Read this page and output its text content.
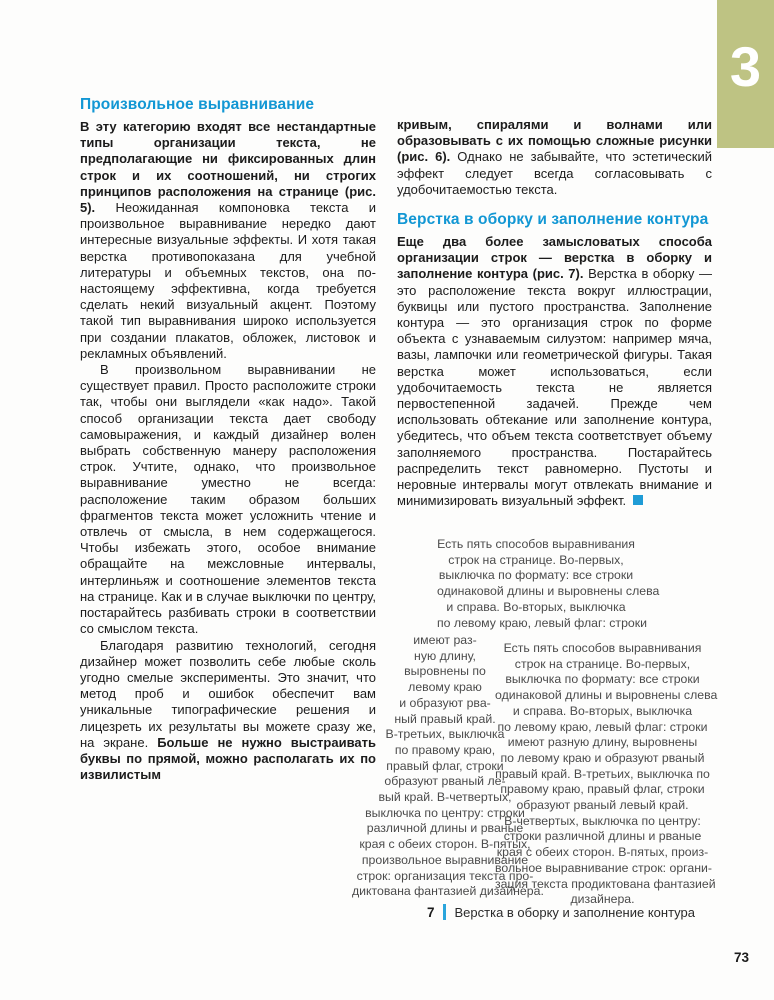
3
Произвольное выравнивание

В эту категорию входят все нестандартные типы организации текста, не предполагающие ни фиксированных длин строк и их соотношений, ни строгих принципов расположения на странице (рис. 5). Неожиданная компоновка текста и произвольное выравнивание нередко дают интересные визуальные эффекты. И хотя такая верстка противопоказана для учебной литературы и объемных текстов, она по-настоящему эффективна, когда требуется сделать некий визуальный акцент. Поэтому такой тип выравнивания широко используется при создании плакатов, обложек, листовок и рекламных объявлений.

В произвольном выравнивании не существует правил. Просто расположите строки так, чтобы они выглядели «как надо». Такой способ организации текста дает свободу самовыражения, и каждый дизайнер волен выбрать собственную манеру расположения строк. Учтите, однако, что произвольное выравнивание уместно не всегда: расположение таким образом больших фрагментов текста может усложнить чтение и отвлечь от смысла, в нем содержащегося. Чтобы избежать этого, особое внимание обращайте на межсловные интервалы, интерлиньяж и соотношение элементов текста на странице. Как и в случае выключки по центру, постарайтесь разбивать строки в соответствии со смыслом текста.

Благодаря развитию технологий, сегодня дизайнер может позволить себе любые сколь угодно смелые эксперименты. Это значит, что метод проб и ошибок обеспечит вам уникальные типографические решения и лицезреть их результаты вы можете сразу же, на экране. Больше не нужно выстраивать буквы по прямой, можно располагать их по извилистым

кривым, спиралями и волнами или образовывать с их помощью сложные рисунки (рис. 6). Однако не забывайте, что эстетический эффект следует всегда согласовывать с удобочитаемостью текста.

Верстка в оборку и заполнение контура

Еще два более замысловатых способа организации строк — верстка в оборку и заполнение контура (рис. 7). Верстка в оборку — это расположение текста вокруг иллюстрации, буквицы или пустого пространства. Заполнение контура — это организация строк по форме объекта с узнаваемым силуэтом: например мяча, вазы, лампочки или геометрической фигуры. Такая верстка может использоваться, если удобочитаемость текста не является первостепенной задачей. Прежде чем использовать обтекание или заполнение контура, убедитесь, что объем текста соответствует объему заполняемого пространства. Постарайтесь распределить текст равномерно. Пустоты и неровные интервалы могут отвлекать внимание и минимизировать визуальный эффект.

Есть пять способов выравнивания
строк на странице. Во-первых,
выключка по формату: все строки
одинаковой длины и выровнены слева
и справа. Во-вторых, выключка
по левому краю, левый флаг: строки
имеют раз-
ную длину,
выровнены по
левому краю
и образуют рва-
ный правый край.
В-третьих, выключка
по правому краю,
правый флаг, строки
образуют рваный ле-
вый край. В-четвертых,
выключка по центру: строки
различной длины и рваные
края с обеих сторон. В-пятых,
произвольное выравнивание
строк: организация текста про-
диктована фантазией дизайнера.
Есть пять способов выравнивания
строк на странице. Во-первых,
выключка по формату: все строки
одинаковой длины и выровнены слева
и справа. Во-вторых, выключка
по левому краю, левый флаг: строки
имеют разную длину, выровнены
по левому краю и образуют рваный
правый край. В-третьих, выключка по
правому краю, правый флаг, строки
образуют рваный левый край.
В-четвертых, выключка по центру:
строки различной длины и рваные
края с обеих сторон. В-пятых, произ-
вольное выравнивание строк: органи-
зация текста продиктована фантазией
дизайнера.
7 Верстка в оборку и заполнение контура
73
